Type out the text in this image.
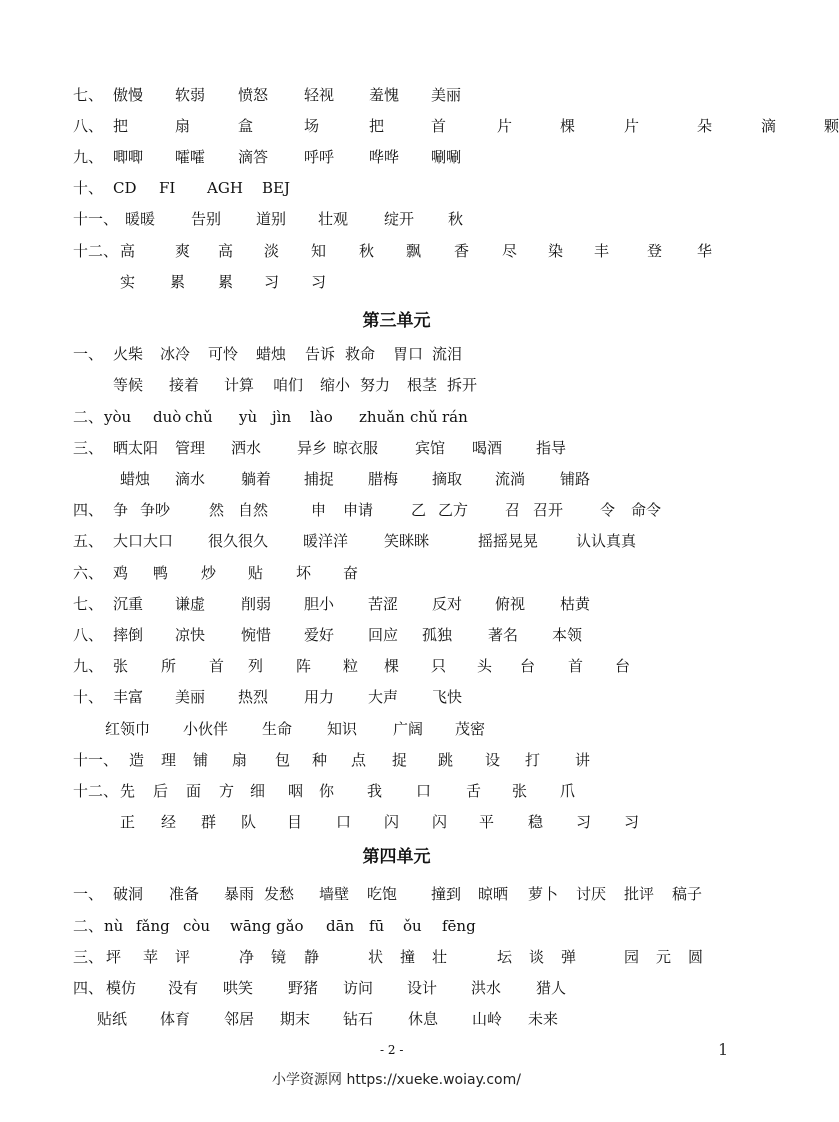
七、 傲慢 软弱 愤怒 轻视 羞愧 美丽
八、 把	扇	盒	场	把	首	片	棵	片	朵	滴	颗
九、 唧唧 嚯嚯 滴答 呼呼 哗哗 唰唰
十、 CD FI AGH BEJ
十一、 暖暖 告别 道别 壮观 绽开 秋
十二、 高	爽 高 淡 知 秋 飘 香 尽 染 丰	登 华
实 累 累 习 习
一、 火柴 冰冷 可怜 蜡烛 告诉 救命 胃口 流泪
等候 接着 计算 咱们 缩小 努力 根茎 拆开
二、 yòu duò chǔ yù jìn lào zhuǎn chǔ rán
三、 晒太阳 管理 洒水 异乡 晾衣服 宾馆 喝酒 指导
蜡烛 滴水 躺着 捕捉 腊梅 摘取 流淌 铺路
四、 争 争吵	然 自然	申 申请	乙 乙方 召 召开 令 命令
五、 大口大口 很久很久 暖洋洋 笑眯眯	摇摇晃晃	认认真真
六、 鸡 鸭 炒 贴 坏 奋
七、 沉重 谦虚 削弱 胆小 苦涩 反对 俯视 枯黄
八、 摔倒 凉快 惋惜 爱好 回应 孤独 著名 本领
九、 张 所 首 列 阵 粒 棵 只 头 台 首 台
十、 丰富 美丽 热烈 用力 大声 飞快
红领巾 小伙伴 生命 知识 广阔 茂密
十一、 造 理 铺 扇 包 种 点 捉 跳 设 打 讲
十二、 先 后 面 方 细 咽 你 我 口 舌 张 爪
正 经 群 队 目 口 闪 闪 平 稳 习 习
一、 破洞 准备 暴雨 发愁 墙壁 吃饱 撞到 晾晒 萝卜 讨厌 批评 稿子
二、 nù fǎng còu wāng gǎo dān fū ǒu fēng
三、 坪 苹 评	净 镜 静	状 撞 壮	坛 谈 弹	园 元 圆
四、 模仿 没有 哄笑 野猪 访问 设计 洪水 猎人
贴纸 体育 邻居 期末 钻石 休息 山岭 未来
第三单元
第四单元
- 2 -	1
小学资源网 https://xueke.woiay.com/
